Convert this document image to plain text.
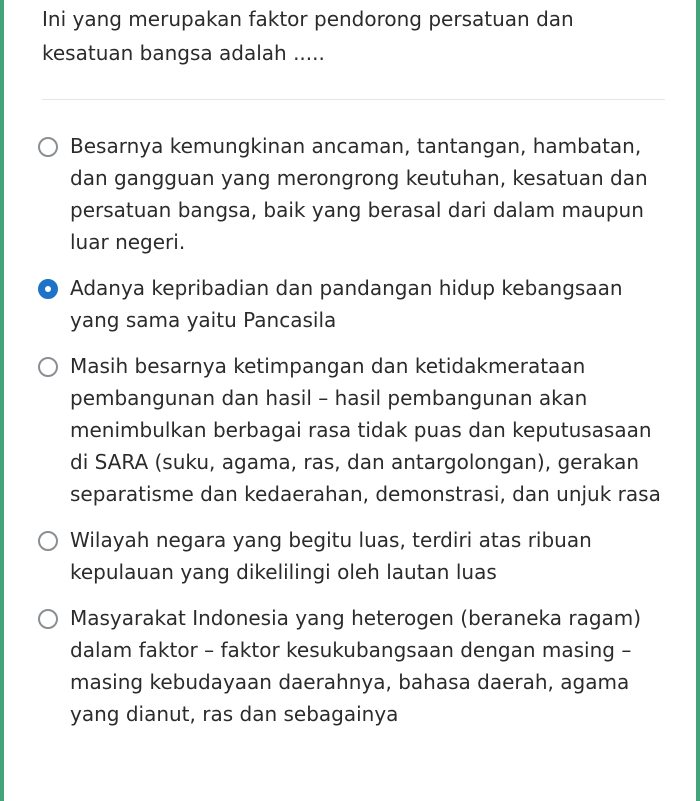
Ini yang merupakan faktor pendorong persatuan dan kesatuan bangsa adalah .....

Besarnya kemungkinan ancaman, tantangan, hambatan, dan gangguan yang merongrong keutuhan, kesatuan dan persatuan bangsa, baik yang berasal dari dalam maupun luar negeri.
Adanya kepribadian dan pandangan hidup kebangsaan yang sama yaitu Pancasila
Masih besarnya ketimpangan dan ketidakmerataan pembangunan dan hasil – hasil pembangunan akan menimbulkan berbagai rasa tidak puas dan keputusasaan di SARA (suku, agama, ras, dan antargolongan), gerakan separatisme dan kedaerahan, demonstrasi, dan unjuk rasa
Wilayah negara yang begitu luas, terdiri atas ribuan kepulauan yang dikelilingi oleh lautan luas
Masyarakat Indonesia yang heterogen (beraneka ragam) dalam faktor – faktor kesukubangsaan dengan masing – masing kebudayaan daerahnya, bahasa daerah, agama yang dianut, ras dan sebagainya
